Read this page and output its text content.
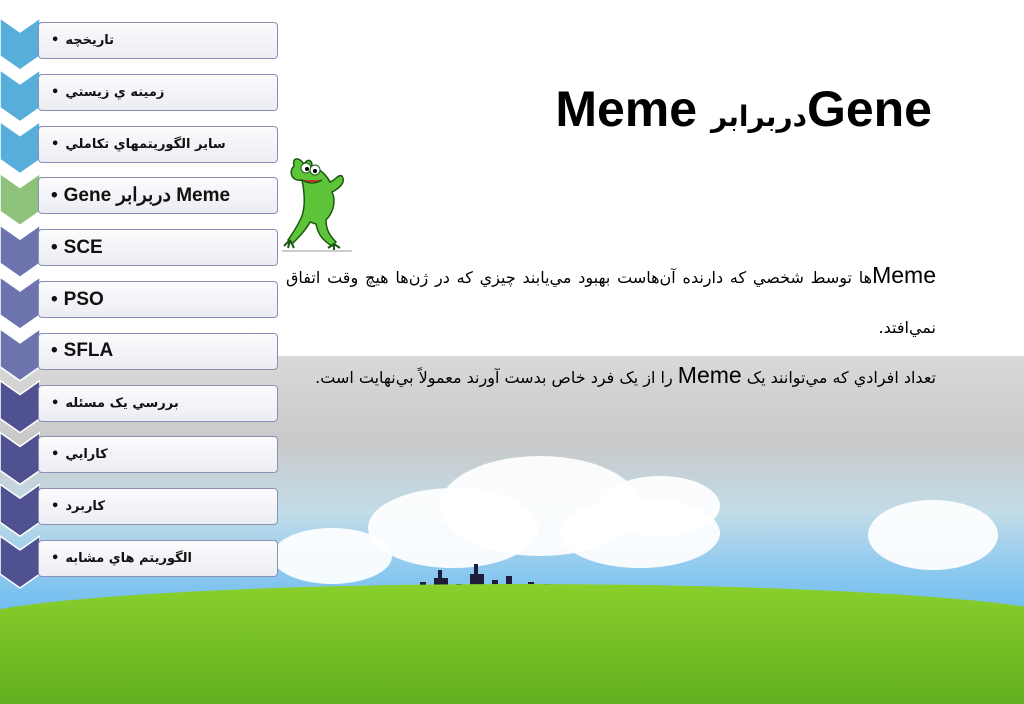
تاريخچه
•
زمينه ي زيستي
•
ساير الگوريتمهاي تكاملي
•
Meme دربرابر Gene
•
SCE
•
PSO
•
SFLA
•
بررسي يک مسئله
•
كارايي
•
كاربرد
•
الگوريتم هاي مشابه
•
Geneدربرابر Meme
Memeها توسط شخصي كه دارنده آن‌هاست بهبود مي‌يابند چيزي كه در ژن‌ها هيچ وقت اتفاق نمي‌افتد.
تعداد افرادي كه مي‌توانند يک Meme را از يک فرد خاص بدست آورند معمولاً بي‌نهايت است.
